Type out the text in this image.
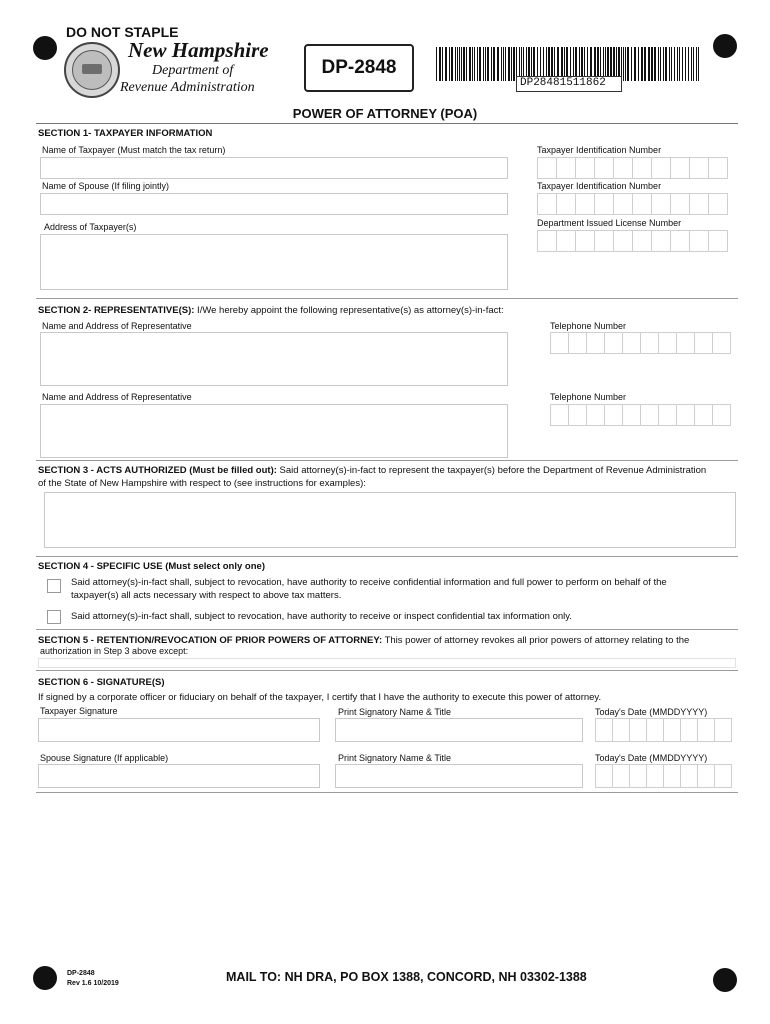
DO NOT STAPLE
New Hampshire
Department of
Revenue Administration
DP-2848
DP28481511862
POWER OF ATTORNEY (POA)
SECTION 1- TAXPAYER INFORMATION
Name of Taxpayer (Must match the tax return)	Taxpayer Identification Number
Name of Spouse (If filing jointly)	Taxpayer Identification Number
Department Issued License Number
Address of Taxpayer(s)
SECTION 2- REPRESENTATIVE(S): I/We hereby appoint the following representative(s) as attorney(s)-in-fact:
Name and Address of Representative	Telephone Number
Name and Address of Representative	Telephone Number
SECTION 3 - ACTS AUTHORIZED (Must be filled out): Said attorney(s)-in-fact to represent the taxpayer(s) before the Department of Revenue Administration
of the State of New Hampshire with respect to (see instructions for examples):
SECTION 4 - SPECIFIC USE (Must select only one)
Said attorney(s)-in-fact shall, subject to revocation, have authority to receive confidential information and full power to perform on behalf of the
taxpayer(s) all acts necessary with respect to above tax matters.
Said attorney(s)-in-fact shall, subject to revocation, have authority to receive or inspect confidential tax information only.
SECTION 5 - RETENTION/REVOCATION OF PRIOR POWERS OF ATTORNEY: This power of attorney revokes all prior powers of attorney relating to the
authorization in Step 3 above except:
SECTION 6 - SIGNATURE(S)
If signed by a corporate officer or fiduciary on behalf of the taxpayer, I certify that I have the authority to execute this power of attorney.
Taxpayer Signature	Print Signatory Name & Title	Today's Date (MMDDYYYY)
Spouse Signature (If applicable)	Print Signatory Name & Title	Today's Date (MMDDYYYY)
DP-2848
Rev 1.6 10/2019	MAIL TO: NH DRA, PO BOX 1388, CONCORD, NH 03302-1388
